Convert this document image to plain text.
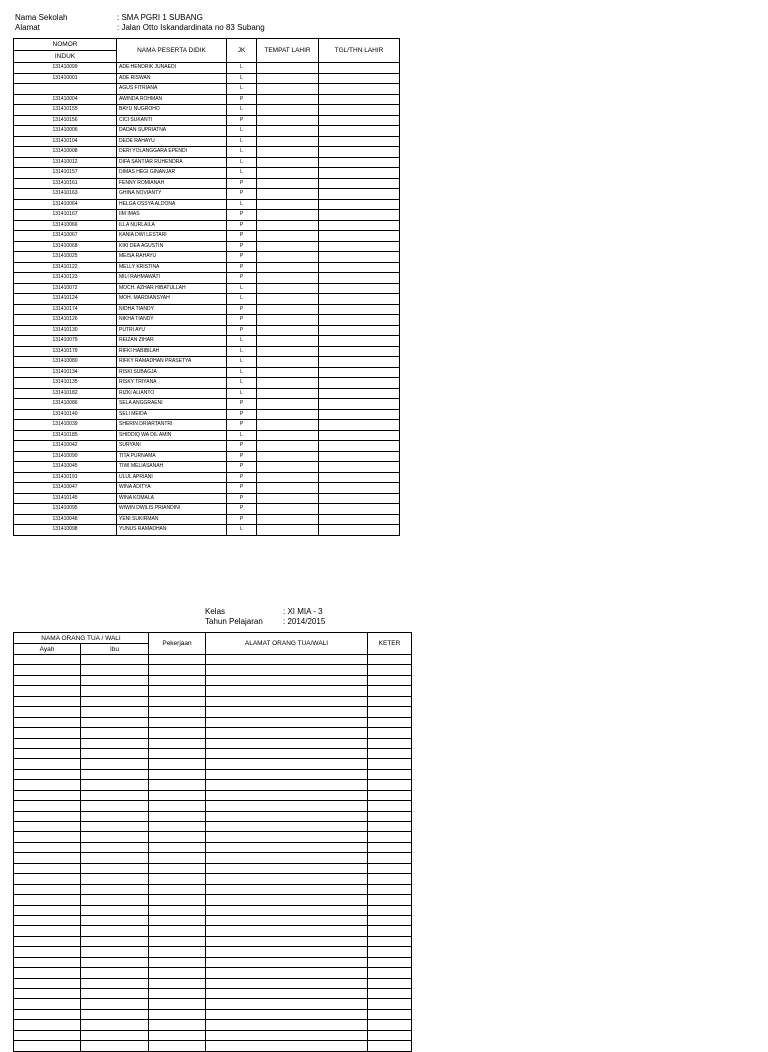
Nama Sekolah	: SMA PGRI 1 SUBANG
Alamat	: Jalan Otto Iskandardinata no 83 Subang
NOMOR	NAMA PESERTA DIDIK	JK	TEMPAT LAHIR	TGL/THN LAHIR
INDUK				
131410099	ADE HENDRIK JUNAEDI	L		
131410001	ADE RISWAN	L		
	AGUS FITRIANA	L		
131410004	AWINDA ROHMAN	P		
131410155	BAYU NUGROHO	L		
131410156	CICI SUKANTI	P		
131410006	DADAN SUPRIATNA	L		
131410104	DEDE RAHAYU	L		
131410008	DERI YOLANGGARA EPENDI	L		
131410012	DIFA SANTIAR RUHENDRA	L		
131410157	DIMAS HEGI GINANJAR	L		
131410161	FENNY ROMIANAH	P		
131410163	GHINA NOVIANTY	P		
131410064	HELGA OSSYA ALDONA	L		
131410167	IIM IMAS	P		
131410066	ILLA NURLAILA	P		
131410067	KANIA DWI LESTARI	P		
131410068	KIKI DEA AGUSTIN	P		
131410025	MEISA RAHAYU	P		
131410122	MELLY KRISTINA	P		
131410123	MILI RAHMAWATI	P		
131410072	MOCH. AZHAR HIBATULLAH	L		
131410124	MOH. MARDIANSYAH	L		
131410174	NIDHA TIANDY	P		
131410126	NIKHA TIANDY	P		
131410130	PUTRI AYU	P		
131410079	REIZAN ZIHAR	L		
131410179	RIFKI HABIBILAH	L		
131410080	RIFKY RAMADHAN PRASETYA	L		
131410134	RISKI SUBAGJA	L		
131410135	RISKY TRIYANA	L		
131410182	RIZKI ALIANTO	L		
131410086	SELA ANGGRAENI	P		
131410140	SELI MEIDA	P		
131410039	SHERIN DRIARTANTRI	P		
131410185	SHIDDIQ WA DIL AMIN	L		
131410042	SURYANI	P		
131410090	TITA PURNAMA	P		
131410045	TIWI MELIASANAH	P		
131410191	ULUL APRIANI	P		
131410047	WINA ADITYA	P		
131410145	WINA KOMALA	P		
131410095	WIWIN DWILIS PRIANDINI	P		
131410048	YENI SUKIRMAN	P		
131410098	YUNUS RAMADHAN	L		
Kelas	: XI MIA - 3
Tahun Pelajaran	: 2014/2015
NAMA ORANG TUA / WALI		Pekerjaan	ALAMAT ORANG TUA/WALI	KETER
Ayah	Ibu			
